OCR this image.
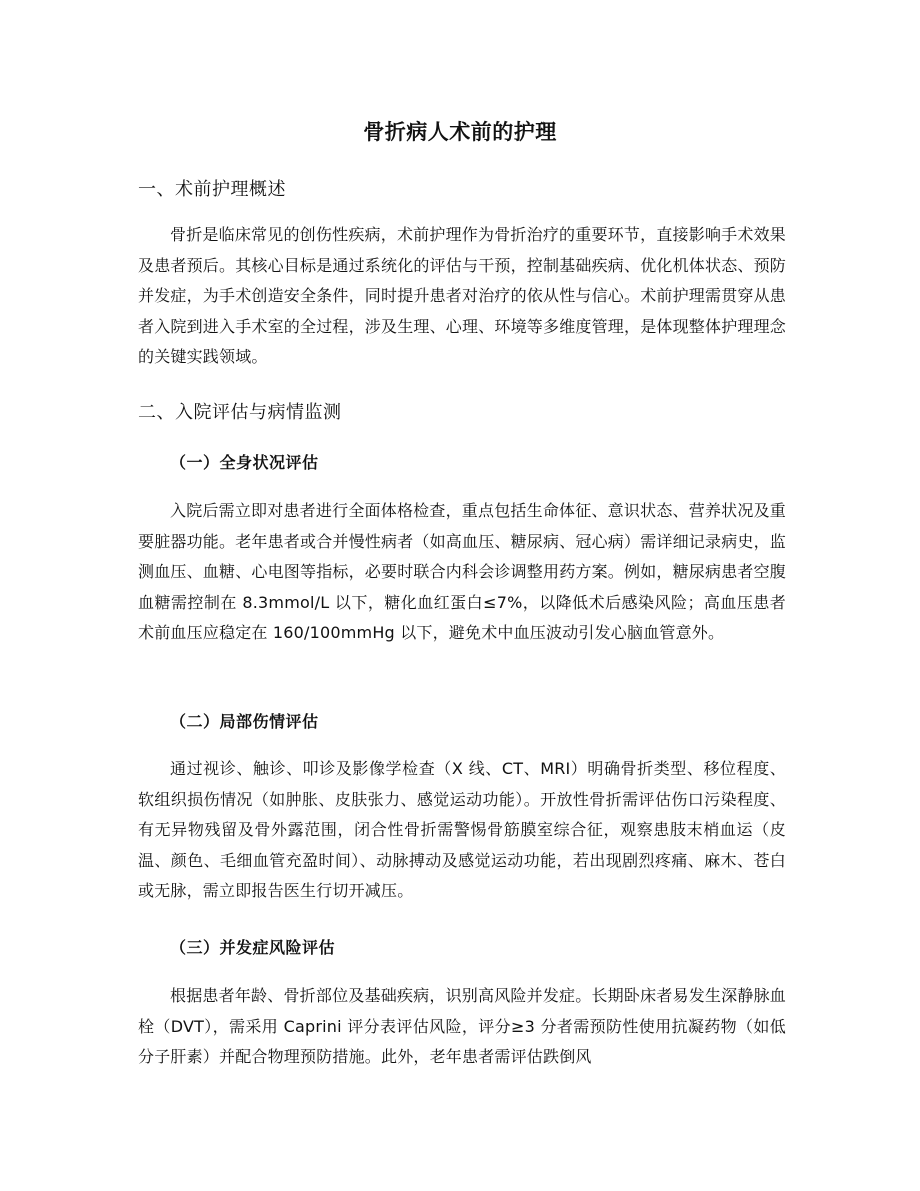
骨折病人术前的护理
一、术前护理概述
骨折是临床常见的创伤性疾病，术前护理作为骨折治疗的重要环节，直接影响手术效果及患者预后。其核心目标是通过系统化的评估与干预，控制基础疾病、优化机体状态、预防并发症，为手术创造安全条件，同时提升患者对治疗的依从性与信心。术前护理需贯穿从患者入院到进入手术室的全过程，涉及生理、心理、环境等多维度管理，是体现整体护理理念的关键实践领域。
二、入院评估与病情监测
（一）全身状况评估
入院后需立即对患者进行全面体格检查，重点包括生命体征、意识状态、营养状况及重要脏器功能。老年患者或合并慢性病者（如高血压、糖尿病、冠心病）需详细记录病史，监测血压、血糖、心电图等指标，必要时联合内科会诊调整用药方案。例如，糖尿病患者空腹血糖需控制在 8.3mmol/L 以下，糖化血红蛋白≤7%，以降低术后感染风险；高血压患者术前血压应稳定在 160/100mmHg 以下，避免术中血压波动引发心脑血管意外。
（二）局部伤情评估
通过视诊、触诊、叩诊及影像学检查（X 线、CT、MRI）明确骨折类型、移位程度、软组织损伤情况（如肿胀、皮肤张力、感觉运动功能）。开放性骨折需评估伤口污染程度、有无异物残留及骨外露范围，闭合性骨折需警惕骨筋膜室综合征，观察患肢末梢血运（皮温、颜色、毛细血管充盈时间）、动脉搏动及感觉运动功能，若出现剧烈疼痛、麻木、苍白或无脉，需立即报告医生行切开减压。
（三）并发症风险评估
根据患者年龄、骨折部位及基础疾病，识别高风险并发症。长期卧床者易发生深静脉血栓（DVT），需采用 Caprini 评分表评估风险，评分≥3 分者需预防性使用抗凝药物（如低分子肝素）并配合物理预防措施。此外，老年患者需评估跌倒风
